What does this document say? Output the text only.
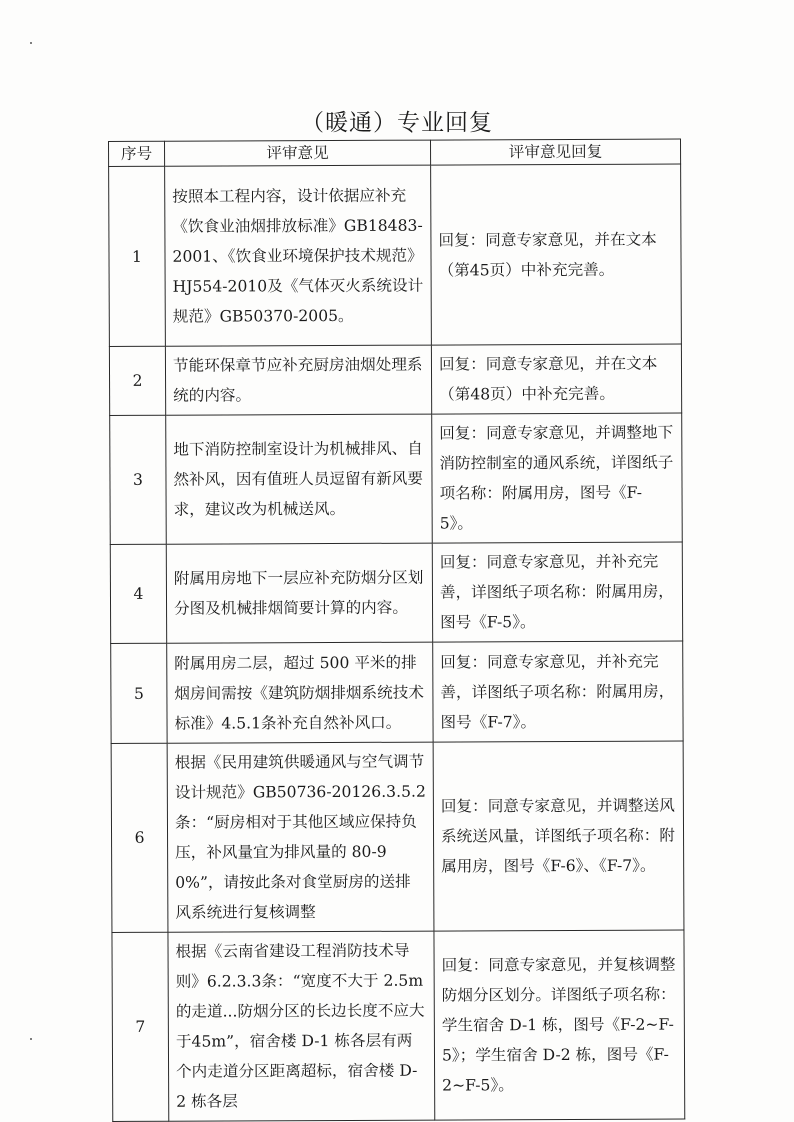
（暖通）专业回复
序号	评审意见	评审意见回复
1	按照本工程内容，设计依据应补充《饮食业油烟排放标准》GB18483-2001、《饮食业环境保护技术规范》HJ554-2010及《气体灭火系统设计规范》GB50370-2005。	回复：同意专家意见，并在文本（第45页）中补充完善。
2	节能环保章节应补充厨房油烟处理系统的内容。	回复：同意专家意见，并在文本（第48页）中补充完善。
3	地下消防控制室设计为机械排风、自然补风，因有值班人员逗留有新风要求，建议改为机械送风。	回复：同意专家意见，并调整地下消防控制室的通风系统，详图纸子项名称：附属用房，图号《F-5》。
4	附属用房地下一层应补充防烟分区划分图及机械排烟简要计算的内容。	回复：同意专家意见，并补充完善，详图纸子项名称：附属用房，图号《F-5》。
5	附属用房二层，超过 500 平米的排烟房间需按《建筑防烟排烟系统技术标准》4.5.1条补充自然补风口。	回复：同意专家意见，并补充完善，详图纸子项名称：附属用房，图号《F-7》。
6	根据《民用建筑供暖通风与空气调节设计规范》GB50736-20126.3.5.2条：“厨房相对于其他区域应保持负压，补风量宜为排风量的 80-90%”，请按此条对食堂厨房的送排风系统进行复核调整	回复：同意专家意见，并调整送风系统送风量，详图纸子项名称：附属用房，图号《F-6》、《F-7》。
7	根据《云南省建设工程消防技术导则》6.2.3.3条：“宽度不大于 2.5m 的走道...防烟分区的长边长度不应大于45m”，宿舍楼 D-1 栋各层有两个内走道分区距离超标，宿舍楼 D-2 栋各层	回复：同意专家意见，并复核调整防烟分区划分。详图纸子项名称：学生宿舍 D-1 栋，图号《F-2~F-5》；学生宿舍 D-2 栋，图号《F-2~F-5》。
